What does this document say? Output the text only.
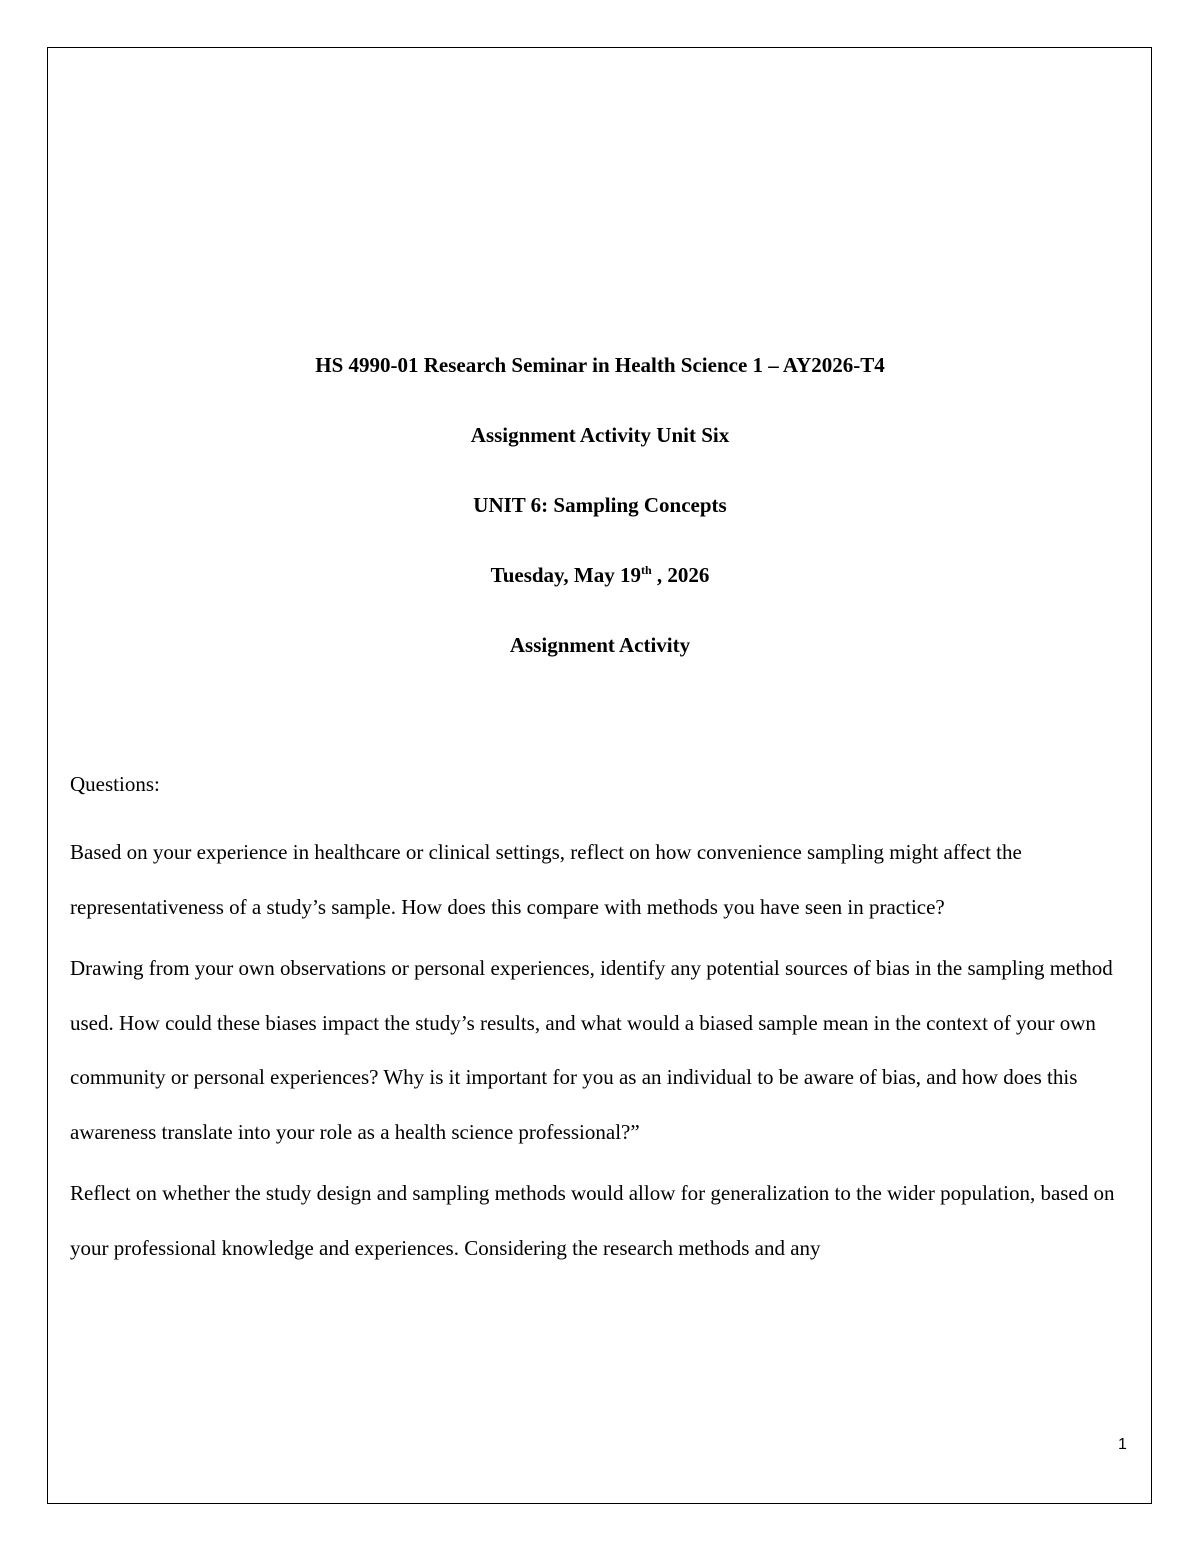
HS 4990-01 Research Seminar in Health Science 1 – AY2026-T4
Assignment Activity Unit Six
UNIT 6: Sampling Concepts
Tuesday, May 19th , 2026
Assignment Activity
Questions:

Based on your experience in healthcare or clinical settings, reflect on how convenience sampling might affect the representativeness of a study’s sample. How does this compare with methods you have seen in practice?

Drawing from your own observations or personal experiences, identify any potential sources of bias in the sampling method used. How could these biases impact the study’s results, and what would a biased sample mean in the context of your own community or personal experiences? Why is it important for you as an individual to be aware of bias, and how does this awareness translate into your role as a health science professional?”

Reflect on whether the study design and sampling methods would allow for generalization to the wider population, based on your professional knowledge and experiences. Considering the research methods and any

1
